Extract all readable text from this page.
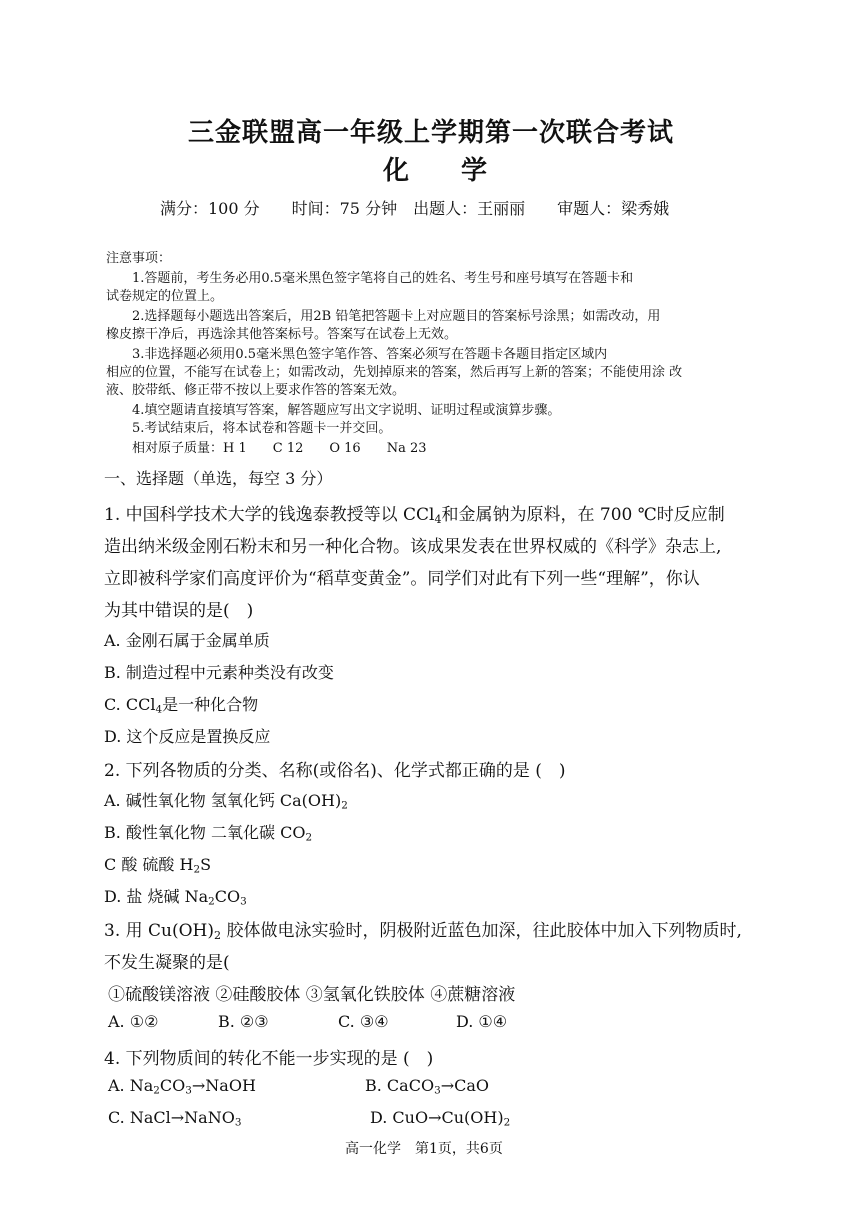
三金联盟高一年级上学期第一次联合考试
化　　学
满分：100 分　　时间：75 分钟　出题人：王丽丽　　审题人：梁秀娥
注意事项：
　　1.答题前，考生务必用0.5毫米黑色签字笔将自己的姓名、考生号和座号填写在答题卡和
试卷规定的位置上。
　　2.选择题每小题选出答案后，用2B 铅笔把答题卡上对应题目的答案标号涂黑；如需改动，用
橡皮擦干净后，再选涂其他答案标号。答案写在试卷上无效。
　　3.非选择题必须用0.5毫米黑色签字笔作答、答案必须写在答题卡各题目指定区域内
相应的位置，不能写在试卷上；如需改动，先划掉原来的答案，然后再写上新的答案；不能使用涂 改
液、胶带纸、修正带不按以上要求作答的答案无效。
　　4.填空题请直接填写答案，解答题应写出文字说明、证明过程或演算步骤。
　　5.考试结束后，将本试卷和答题卡一并交回。
　　相对原子质量：H 1　　C 12　　O 16　　Na 23
一、选择题（单选，每空 3 分）
1. 中国科学技术大学的钱逸泰教授等以 CCl$_4$和金属钠为原料，在 700 ℃时反应制
造出纳米级金刚石粉末和另一种化合物。该成果发表在世界权威的《科学》杂志上,
立即被科学家们高度评价为“稻草变黄金”。同学们对此有下列一些“理解”，你认
为其中错误的是(　)
A. 金刚石属于金属单质
B. 制造过程中元素种类没有改变
C. CCl$_4$是一种化合物
D. 这个反应是置换反应
2. 下列各物质的分类、名称(或俗名)、化学式都正确的是 (　)
A. 碱性氧化物 氢氧化钙 $Ca(OH)_2$
B. 酸性氧化物 二氧化碳 $CO_2$
C 酸 硫酸 $H_2S$
D. 盐 烧碱 $Na_2CO_3$
3. 用 $Cu(OH)_2$ 胶体做电泳实验时，阴极附近蓝色加深，往此胶体中加入下列物质时,
不发生凝聚的是(
①硫酸镁溶液 ②硅酸胶体 ③氢氧化铁胶体 ④蔗糖溶液
A. ①②	B. ②③	C. ③④	D. ①④
4. 下列物质间的转化不能一步实现的是 (　)
A. $Na_2CO_3\to NaOH$	B. CaCO$_3$→CaO
C. NaCl→NaNO$_3$	D. $CuO\to Cu(OH)_2$
高一化学　第1页，共6页
